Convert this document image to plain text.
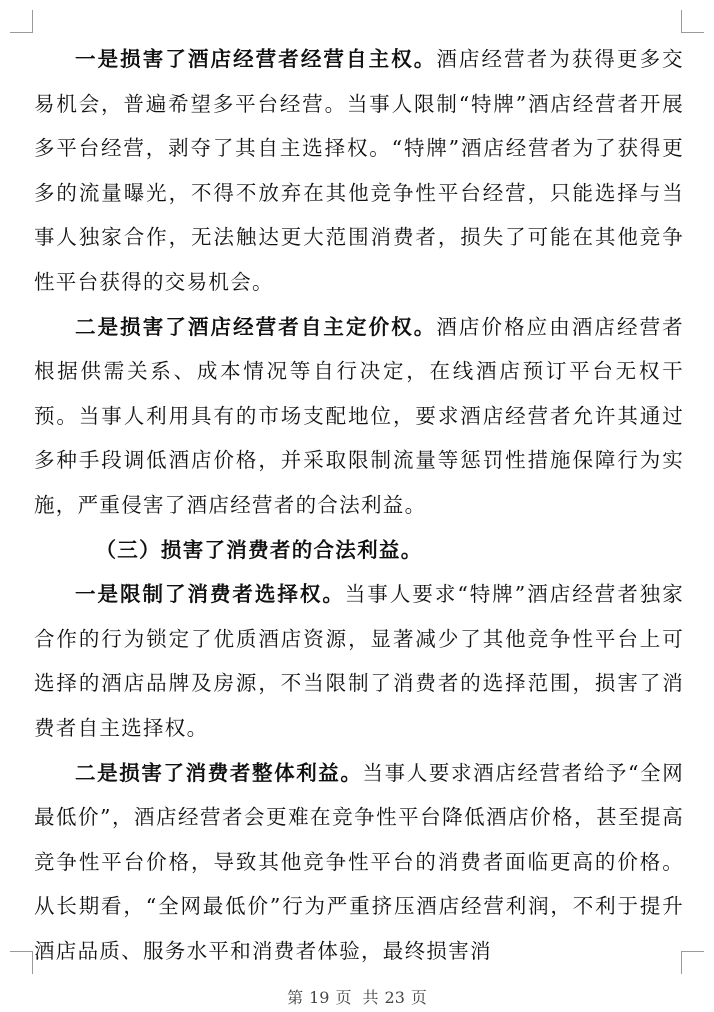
一是损害了酒店经营者经营自主权。酒店经营者为获得更多交易机会，普遍希望多平台经营。当事人限制“特牌”酒店经营者开展多平台经营，剥夺了其自主选择权。“特牌”酒店经营者为了获得更多的流量曝光，不得不放弃在其他竞争性平台经营，只能选择与当事人独家合作，无法触达更大范围消费者，损失了可能在其他竞争性平台获得的交易机会。

二是损害了酒店经营者自主定价权。酒店价格应由酒店经营者根据供需关系、成本情况等自行决定，在线酒店预订平台无权干预。当事人利用具有的市场支配地位，要求酒店经营者允许其通过多种手段调低酒店价格，并采取限制流量等惩罚性措施保障行为实施，严重侵害了酒店经营者的合法利益。

（三）损害了消费者的合法利益。

一是限制了消费者选择权。当事人要求“特牌”酒店经营者独家合作的行为锁定了优质酒店资源，显著减少了其他竞争性平台上可选择的酒店品牌及房源，不当限制了消费者的选择范围，损害了消费者自主选择权。

二是损害了消费者整体利益。当事人要求酒店经营者给予“全网最低价”，酒店经营者会更难在竞争性平台降低酒店价格，甚至提高竞争性平台价格，导致其他竞争性平台的消费者面临更高的价格。从长期看，“全网最低价”行为严重挤压酒店经营利润，不利于提升酒店品质、服务水平和消费者体验，最终损害消

第 19 页 共 23 页
